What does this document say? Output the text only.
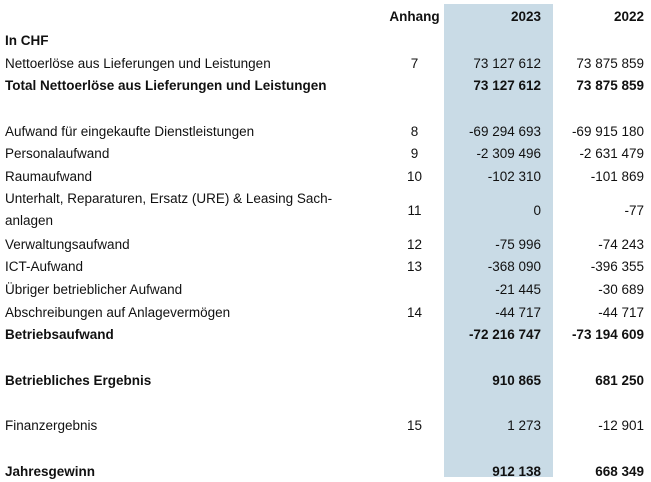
	Anhang	2023		2022
In CHF				
Nettoerlöse aus Lieferungen und Leistungen	7	73 127 612		73 875 859
Total Nettoerlöse aus Lieferungen und Leistungen		73 127 612		73 875 859

Aufwand für eingekaufte Dienstleistungen	8	-69 294 693		-69 915 180
Personalaufwand	9	-2 309 496		-2 631 479
Raumaufwand	10	-102 310		-101 869
Unterhalt, Reparaturen, Ersatz (URE) & Leasing Sach-anlagen	11	0		-77
Verwaltungsaufwand	12	-75 996		-74 243
ICT-Aufwand	13	-368 090		-396 355
Übriger betrieblicher Aufwand		-21 445		-30 689
Abschreibungen auf Anlagevermögen	14	-44 717		-44 717
Betriebsaufwand		-72 216 747		-73 194 609

Betriebliches Ergebnis		910 865		681 250

Finanzergebnis	15	1 273		-12 901

Jahresgewinn		912 138		668 349
